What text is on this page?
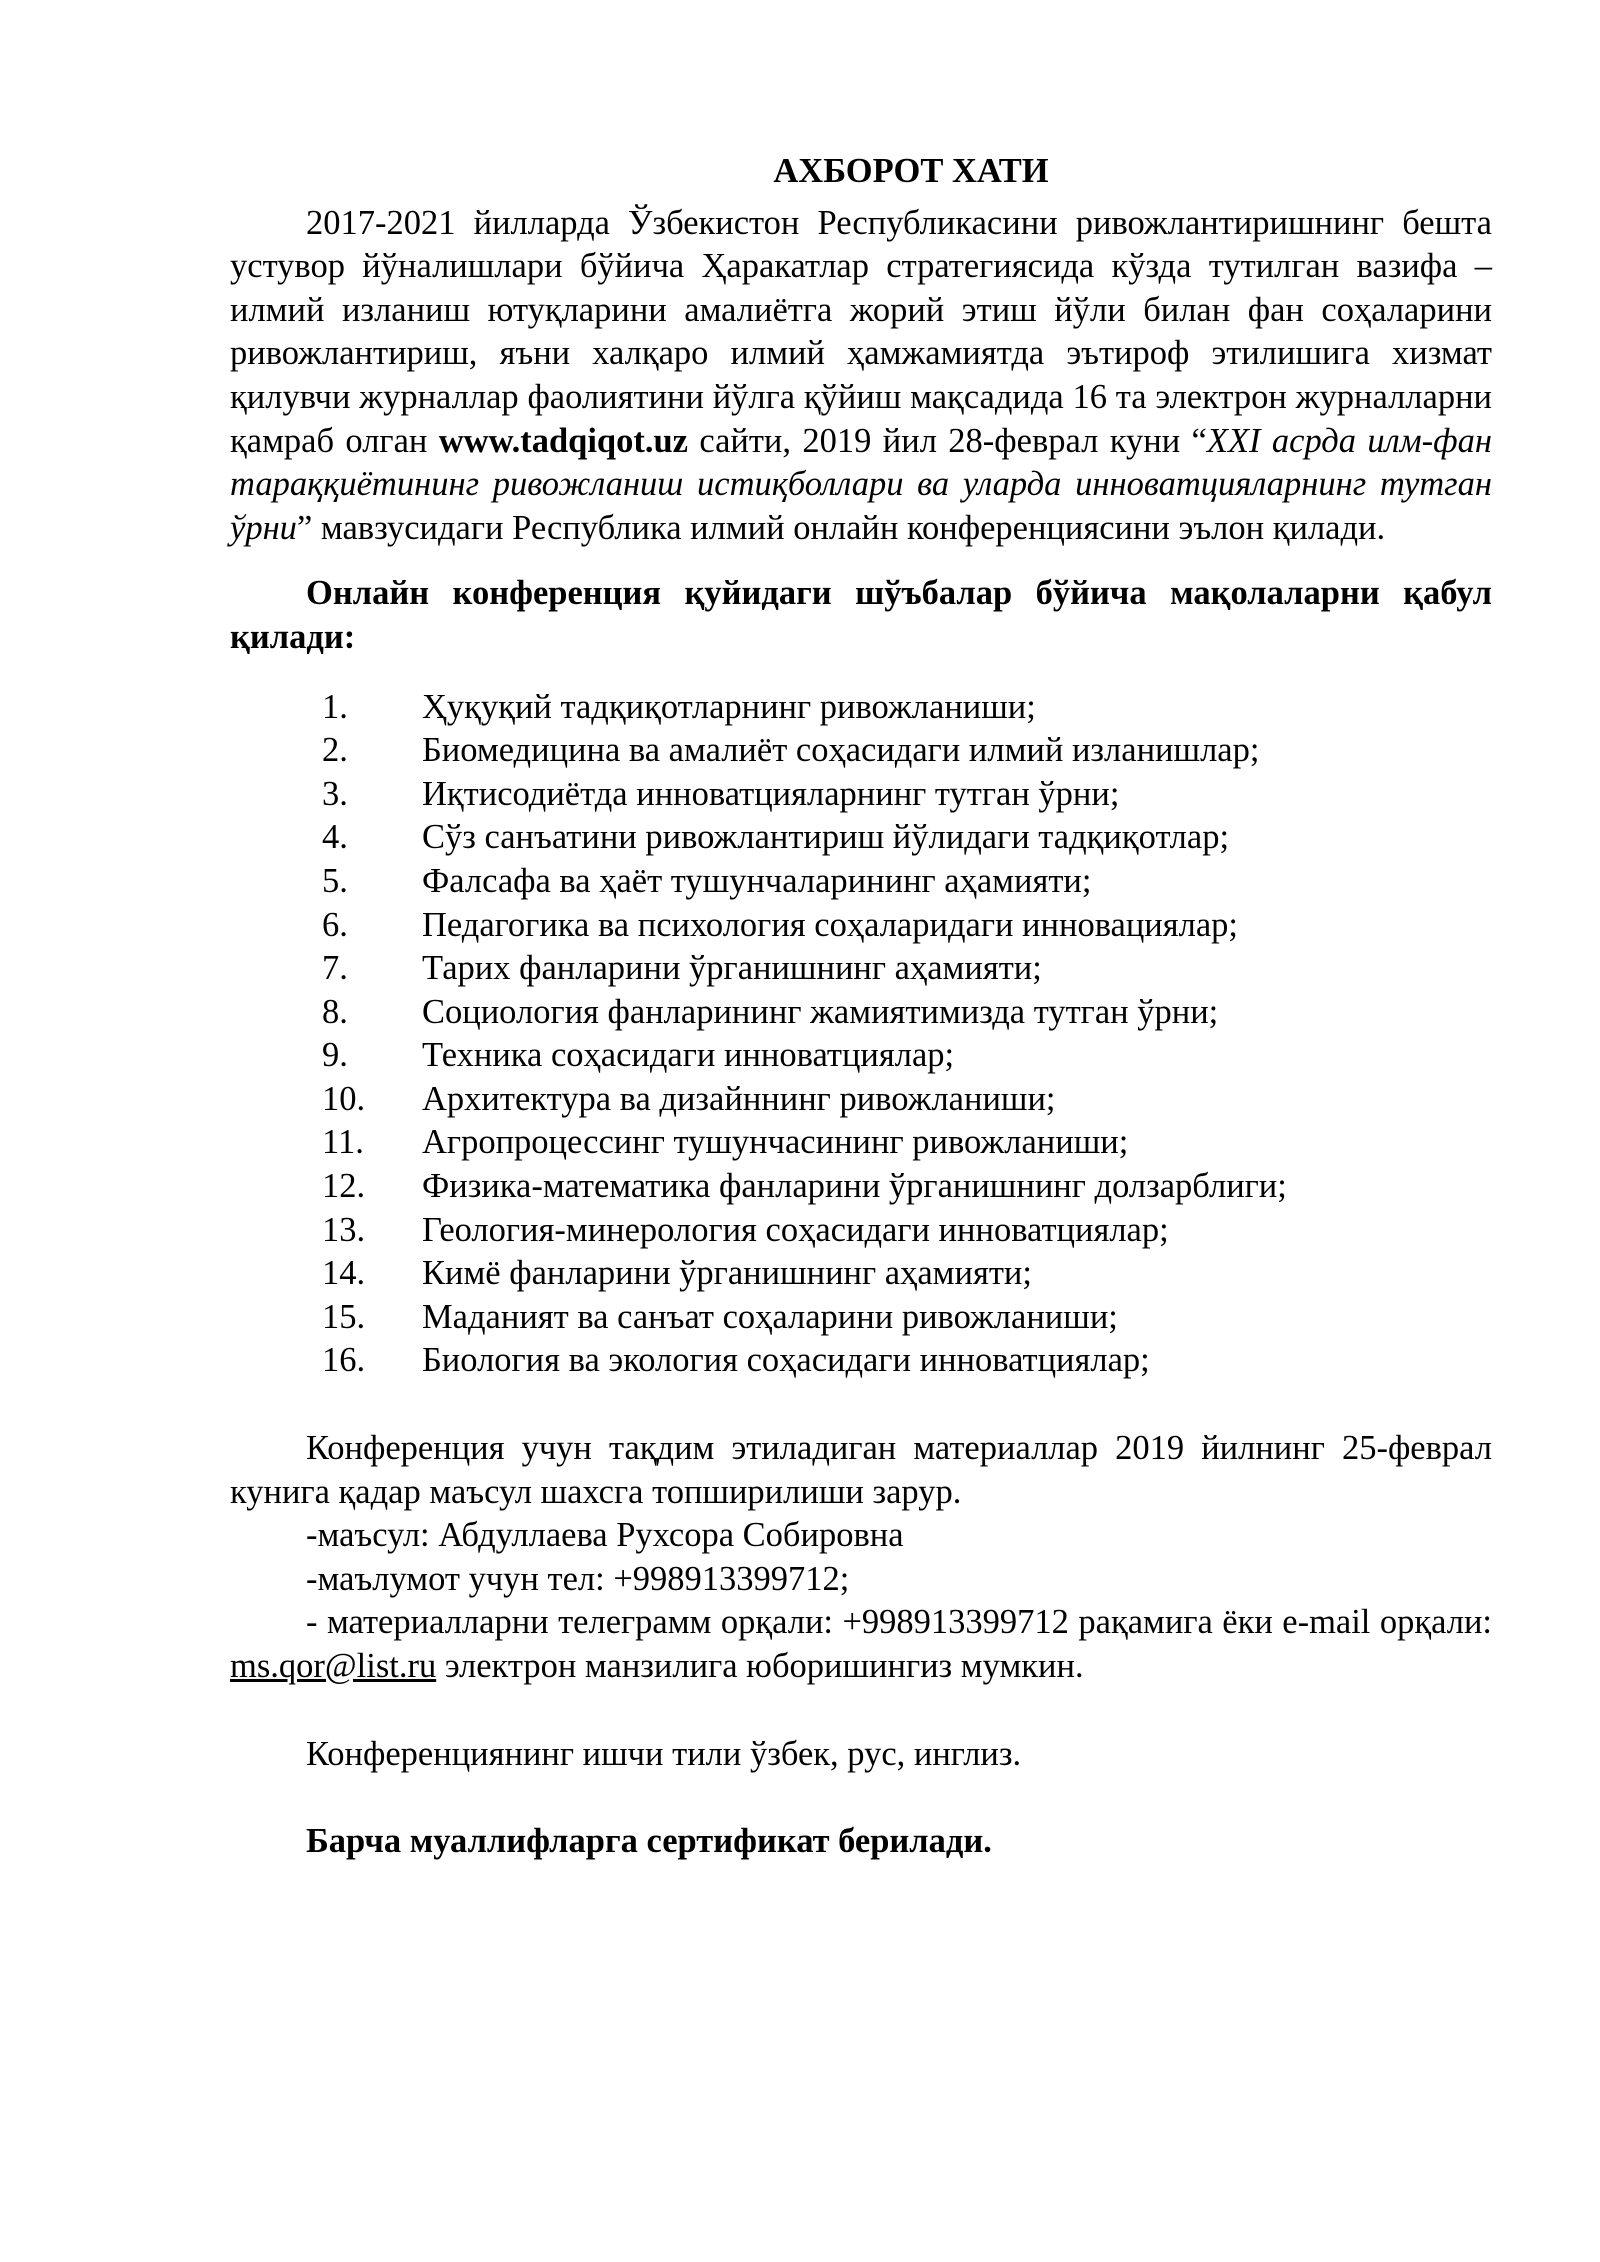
АХБОРОТ ХАТИ

2017-2021 йилларда Ўзбекистон Республикасини ривожлантиришнинг бешта устувор йўналишлари бўйича Ҳаракатлар стратегиясида кўзда тутилган вазифа – илмий изланиш ютуқларини амалиётга жорий этиш йўли билан фан соҳаларини ривожлантириш, яъни халқаро илмий ҳамжамиятда эътироф этилишига хизмат қилувчи журналлар фаолиятини йўлга қўйиш мақсадида 16 та электрон журналларни қамраб олган www.tadqiqot.uz сайти, 2019 йил 28-феврал куни “XXI асрда илм-фан тараққиётининг ривожланиш истиқболлари ва уларда инноватцияларнинг тутган ўрни” мавзусидаги Республика илмий онлайн конференциясини эълон қилади.

Онлайн конференция қуйидаги шўъбалар бўйича мақолаларни қабул қилади:

1.	Ҳуқуқий тадқиқотларнинг ривожланиши;
2.	Биомедицина ва амалиёт соҳасидаги илмий изланишлар;
3.	Иқтисодиётда инноватцияларнинг тутган ўрни;
4.	Сўз санъатини ривожлантириш йўлидаги тадқиқотлар;
5.	Фалсафа ва ҳаёт тушунчаларининг аҳамияти;
6.	Педагогика ва психология соҳаларидаги инновациялар;
7.	Тарих фанларини ўрганишнинг аҳамияти;
8.	Социология фанларининг жамиятимизда тутган ўрни;
9.	Техника соҳасидаги инноватциялар;
10.	Архитектура ва дизайннинг ривожланиши;
11.	Агропроцессинг тушунчасининг ривожланиши;
12.	Физика-математика фанларини ўрганишнинг долзарблиги;
13.	Геология-минерология соҳасидаги инноватциялар;
14.	Кимё фанларини ўрганишнинг аҳамияти;
15.	Маданият ва санъат соҳаларини ривожланиши;
16.	Биология ва экология соҳасидаги инноватциялар;

Конференция учун тақдим этиладиган материаллар 2019 йилнинг 25-феврал кунига қадар маъсул шахсга топширилиши зарур.

-маъсул: Абдуллаева Рухсора Собировна

-маълумот учун тел: +998913399712;

- материалларни телеграмм орқали: +998913399712 рақамига ёки e-mail орқали: ms.qor@list.ru электрон манзилига юборишингиз мумкин.

Конференциянинг ишчи тили ўзбек, рус, инглиз.

Барча муаллифларга сертификат берилади.
